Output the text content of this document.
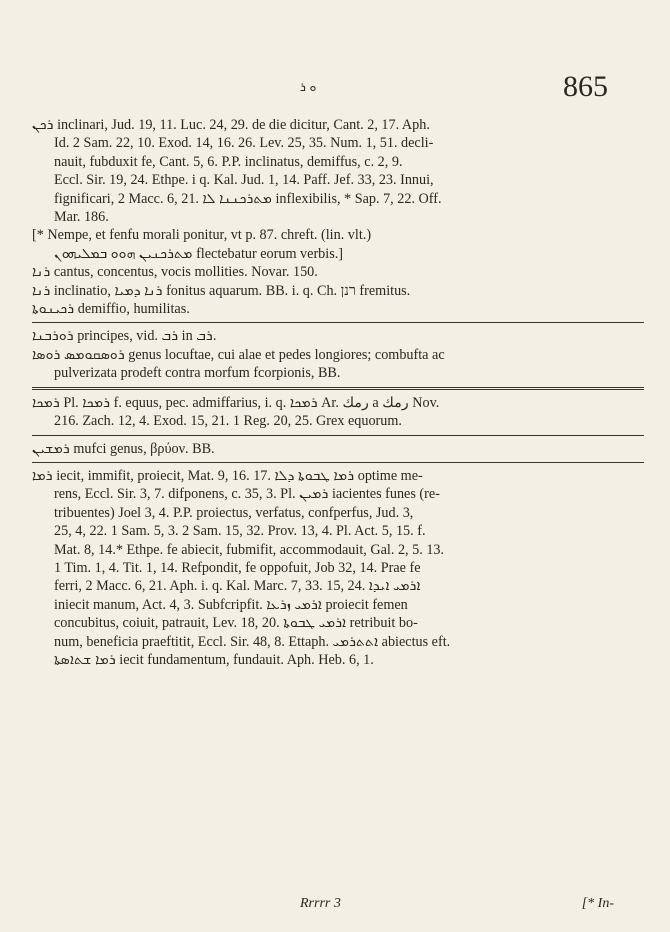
ܘ ܪ	865
ܪܟܢ inclinari, Jud. 19, 11. Luc. 24, 29. de die dicitur, Cant. 2, 17. Aph.
Id. 2 Sam. 22, 10. Exod. 14, 16. 26. Lev. 25, 35. Num. 1, 51. decli-
nauit, fubduxit fe, Cant. 5, 6. P.P. inclinatus, demiffus, c. 2, 9.
Eccl. Sir. 19, 24. Ethpe. i q. Kal. Jud. 1, 14. Paff. Jef. 33, 23. Innui,
fignificari, 2 Macc. 6, 21. ܡܬܪܟܢܢܐ ܠܐ inflexibilis, * Sap. 7, 22. Off.
Mar. 186.
[* Nempe, et fenfu morali ponitur, vt p. 87. chreft. (lin. vlt.)
ܡܬܪܟܢܝܢ ܗܘܘ ܒܡܠܝܗܘܢ flectebatur eorum verbis.]
ܪܢܐ cantus, concentus, vocis mollities. Novar. 150.
ܪܢܐ inclinatio, ܪܢܐ ܕܡܝܐ fonitus aquarum. BB. i. q. Ch. רנן fremitus.
ܪܟܝܢܘܬܐ demiffio, humilitas.
ܪܘܪܒܢܐ principes, vid. ܪܒ in ܪܒ.
ܪܘܣܩܘܡܣ ܪܘܣܐ genus locuftae, cui alae et pedes longiores; combufta ac
pulverizata prodeft contra morfum fcorpionis, BB.
ܪܡܟܐ Pl. ܪܡܟܐ f. equus, pec. admiffarius, i. q. ܪܡܟܐ Ar. رمك a رمك Nov.
216. Zach. 12, 4. Exod. 15, 21. 1 Reg. 20, 25. Grex equorum.
ܪܡܫܝܢ mufci genus, βρύον. BB.
ܪܡܐ iecit, immifit, proiecit, Mat. 9, 16. 17. ܪܡܐ ܛܒܘܬܐ ܕܠܐ optime me-
rens, Eccl. Sir. 3, 7. difponens, c. 35, 3. Pl. ܪܡܝܢ iacientes funes (re-
tribuentes) Joel 3, 4. P.P. proiectus, verfatus, confperfus, Jud. 3,
25, 4, 22. 1 Sam. 5, 3. 2 Sam. 15, 32. Prov. 13, 4. Pl. Act. 5, 15. f.
Mat. 8, 14.* Ethpe. fe abiecit, fubmifit, accommodauit, Gal. 2, 5. 13.
1 Tim. 1, 4. Tit. 1, 14. Refpondit, fe oppofuit, Job 32, 14. Prae fe
ferri, 2 Macc. 6, 21. Aph. i. q. Kal. Marc. 7, 33. 15, 24. ܐܪܡܝ ܐܝܕܐ
iniecit manum, Act. 4, 3. Subfcripfit. ܐܪܡܝ ܙܪܥܐ proiecit femen
concubitus, coiuit, patrauit, Lev. 18, 20. ܐܪܡܝ ܛܒܘܬܐ retribuit bo-
num, beneficia praeftitit, Eccl. Sir. 48, 8. Ettaph. ܐܬܬܪܡܝ abiectus eft.
ܪܡܐ ܫܬܐܤܬܐ iecit fundamentum, fundauit. Aph. Heb. 6, 1.
Rrrrr 3	[* In-
